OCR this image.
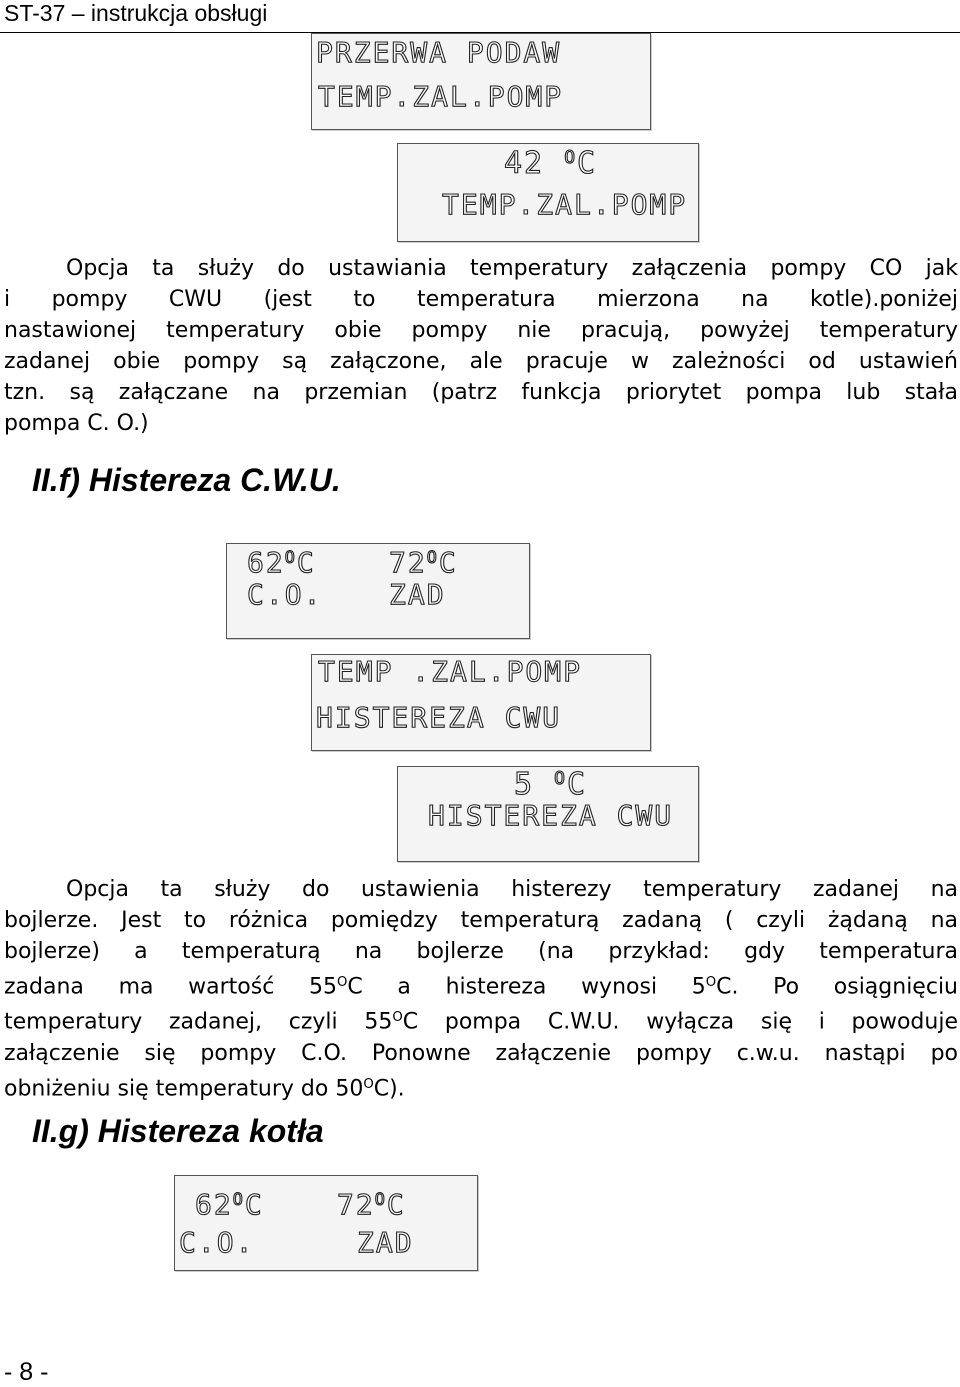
ST-37 – instrukcja obsługi
PRZERWA PODAW
TEMP.ZAL.POMP
42 $^O$C
TEMP.ZAL.POMP
Opcja ta służy do ustawiania temperatury załączenia pompy CO jak
i pompy CWU (jest to temperatura mierzona na kotle).poniżej
nastawionej temperatury obie pompy nie pracują, powyżej temperatury
zadanej obie pompy są załączone, ale pracuje w zależności od ustawień
tzn. są załączane na przemian (patrz funkcja priorytet pompa lub stała
pompa C. O.)
II.f) Histereza C.W.U.
$62^OC$	$72^OC$
C.O. ZAD
TEMP .ZAL.POMP
HISTEREZA CWU
5 $^O$C
HISTEREZA CWU
Opcja ta służy do ustawienia histerezy temperatury zadanej na
bojlerze. Jest to różnica pomiędzy temperaturą zadaną ( czyli żądaną na
bojlerze) a temperaturą na bojlerze (na przykład: gdy temperatura
zadana ma wartość $55^OC$ a histereza wynosi $5^OC$. Po osiągnięciu
temperatury zadanej, czyli $55^OC$ pompa C.W.U. wyłącza się i powoduje
załączenie się pompy C.O. Ponowne załączenie pompy c.w.u. nastąpi po
obniżeniu się temperatury do $50^OC$).
II.g) Histereza kotła
$62^OC$	$72^OC$
C.O.	ZAD
- 8 -
